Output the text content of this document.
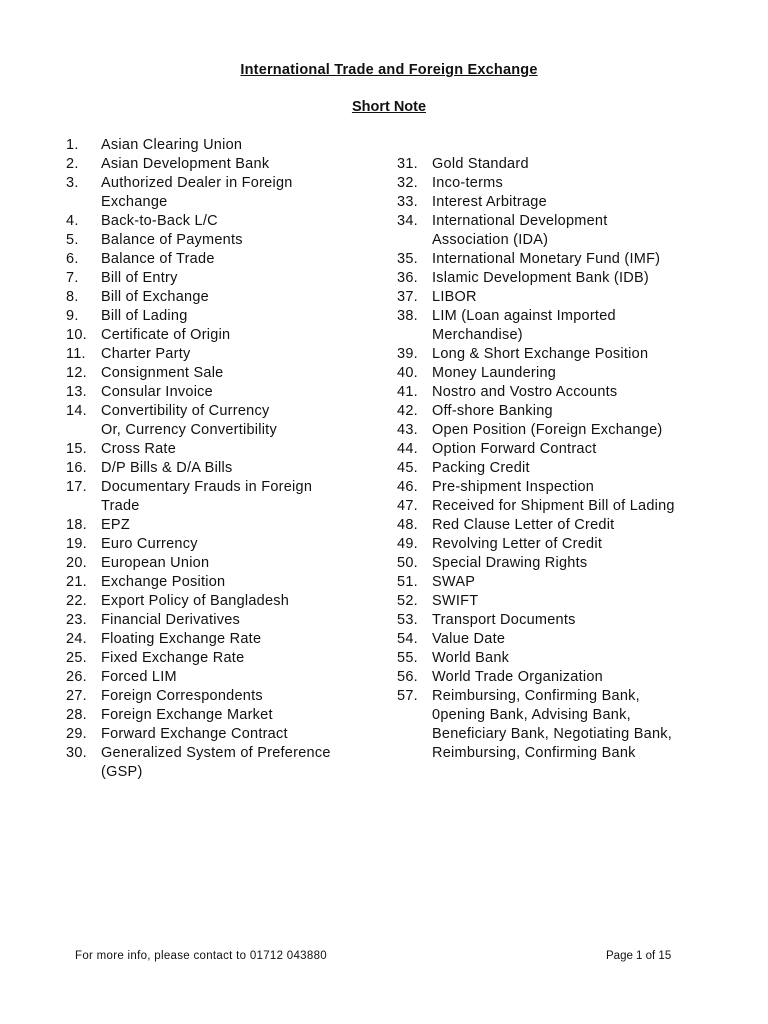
International Trade and Foreign Exchange
Short Note
1.	Asian Clearing Union
2.	Asian Development Bank
3.	Authorized Dealer in Foreign
Exchange
4.	Back-to-Back L/C
5.	Balance of Payments
6.	Balance of Trade
7.	Bill of Entry
8.	Bill of Exchange
9.	Bill of Lading
10. Certificate of Origin
11.	Charter Party
12. Consignment Sale
13. Consular Invoice
14. Convertibility of Currency
Or, Currency Convertibility
15. Cross Rate
16. D/P Bills & D/A Bills
17. Documentary Frauds in Foreign
Trade
18. EPZ
19. Euro Currency
20. European Union
21. Exchange Position
22. Export Policy of Bangladesh
23. Financial Derivatives
24. Floating Exchange Rate
25. Fixed Exchange Rate
26. Forced LIM
27. Foreign Correspondents
28. Foreign Exchange Market
29. Forward Exchange Contract
30. Generalized System of Preference
(GSP)
31. Gold Standard
32. Inco-terms
33. Interest Arbitrage
34. International Development
Association (IDA)
35. International Monetary Fund (IMF)
36. Islamic Development Bank (IDB)
37. LIBOR
38. LIM (Loan against Imported
Merchandise)
39. Long & Short Exchange Position
40. Money Laundering
41. Nostro and Vostro Accounts
42. Off-shore Banking
43. Open Position (Foreign Exchange)
44. Option Forward Contract
45. Packing Credit
46. Pre-shipment Inspection
47. Received for Shipment Bill of Lading
48. Red Clause Letter of Credit
49. Revolving Letter of Credit
50. Special Drawing Rights
51. SWAP
52. SWIFT
53. Transport Documents
54. Value Date
55. World Bank
56. World Trade Organization
57. Reimbursing, Confirming Bank,
0pening Bank, Advising Bank,
Beneficiary Bank, Negotiating Bank,
Reimbursing, Confirming Bank
For more info, please contact to 01712 043880	Page 1 of 15
